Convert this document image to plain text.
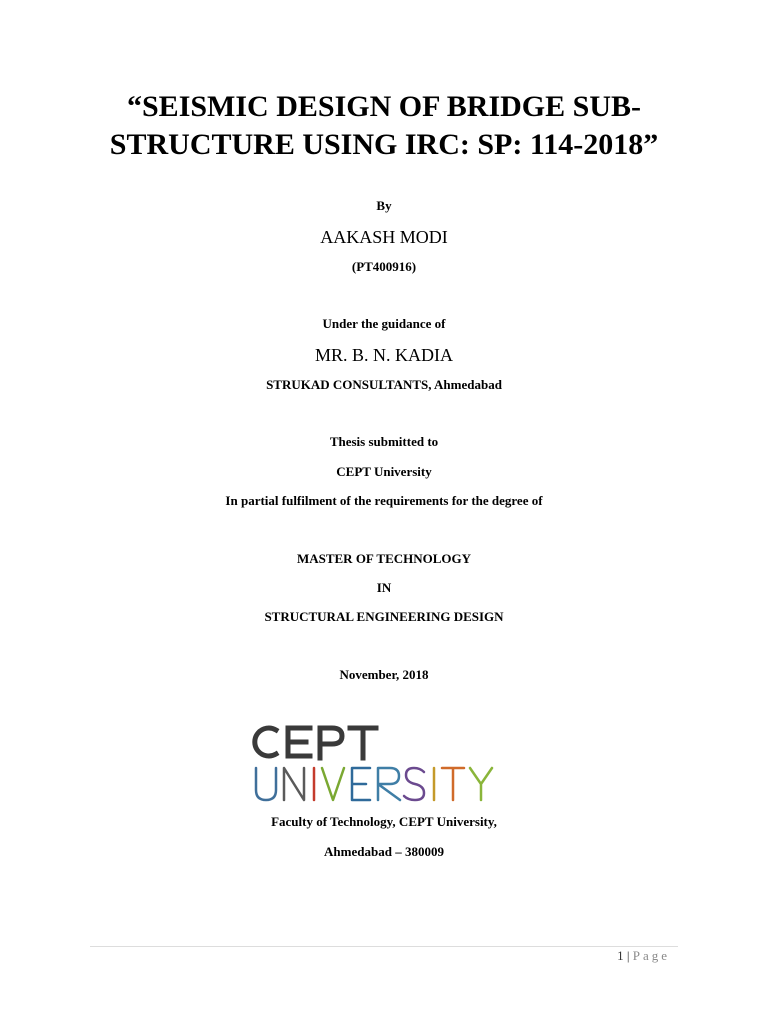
“SEISMIC DESIGN OF BRIDGE SUB-
STRUCTURE USING IRC: SP: 114-2018”
By
AAKASH MODI
(PT400916)
Under the guidance of
MR. B. N. KADIA
STRUKAD CONSULTANTS, Ahmedabad
Thesis submitted to
CEPT University
In partial fulfilment of the requirements for the degree of
MASTER OF TECHNOLOGY
IN
STRUCTURAL ENGINEERING DESIGN
November, 2018
Faculty of Technology, CEPT University,
Ahmedabad – 380009
1 | Page
